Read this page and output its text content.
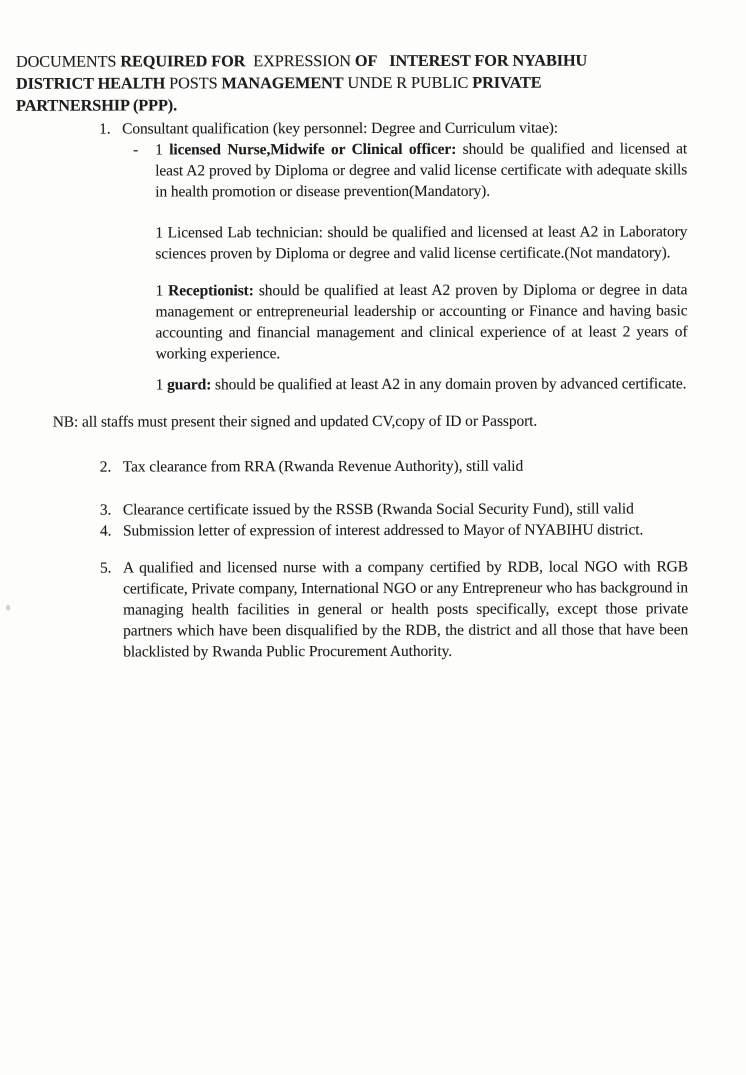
DOCUMENTS REQUIRED FOR  EXPRESSION OF INTEREST FOR NYABIHU
DISTRICT HEALTH POSTS MANAGEMENT UNDE R PUBLIC PRIVATE
PARTNERSHIP (PPP).
1. Consultant qualification (key personnel: Degree and Curriculum vitae):
-	1 licensed Nurse,Midwife or Clinical officer: should be qualified and licensed at least A2 proved by Diploma or degree and valid license certificate with adequate skills in health promotion or disease prevention(Mandatory).
1 Licensed Lab technician: should be qualified and licensed at least A2 in Laboratory sciences proven by Diploma or degree and valid license certificate.(Not mandatory).
1 Receptionist: should be qualified at least A2 proven by Diploma or degree in data management or entrepreneurial leadership or accounting or Finance and having basic accounting and financial management and clinical experience of at least 2 years of working experience.
1 guard: should be qualified at least A2 in any domain proven by advanced certificate.
NB: all staffs must present their signed and updated CV,copy of ID or Passport.
2. Tax clearance from RRA (Rwanda Revenue Authority), still valid
3. Clearance certificate issued by the RSSB (Rwanda Social Security Fund), still valid
4. Submission letter of expression of interest addressed to Mayor of NYABIHU district.
5. A qualified and licensed nurse with a company certified by RDB, local NGO with RGB certificate, Private company, International NGO or any Entrepreneur who has background in managing health facilities in general or health posts specifically, except those private partners which have been disqualified by the RDB, the district and all those that have been blacklisted by Rwanda Public Procurement Authority.
